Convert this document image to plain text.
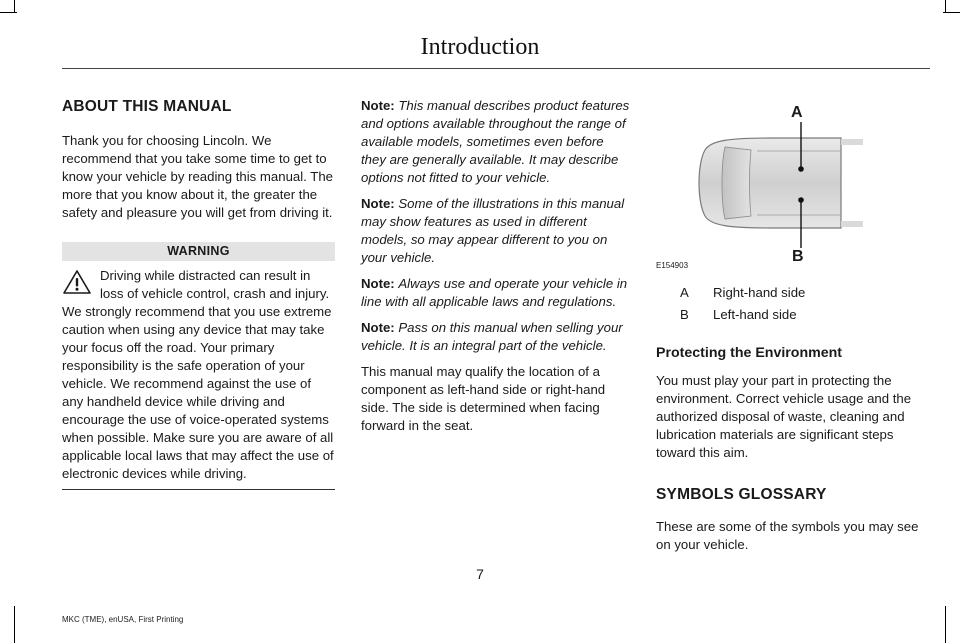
Introduction
ABOUT THIS MANUAL

Thank you for choosing Lincoln. We recommend that you take some time to get to know your vehicle by reading this manual. The more that you know about it, the greater the safety and pleasure you will get from driving it.

WARNING
Driving while distracted can result in loss of vehicle control, crash and injury. We strongly recommend that you use extreme caution when using any device that may take your focus off the road. Your primary responsibility is the safe operation of your vehicle. We recommend against the use of any handheld device while driving and encourage the use of voice-operated systems when possible. Make sure you are aware of all applicable local laws that may affect the use of electronic devices while driving.

Note: This manual describes product features and options available throughout the range of available models, sometimes even before they are generally available. It may describe options not fitted to your vehicle.

Note: Some of the illustrations in this manual may show features as used in different models, so may appear different to you on your vehicle.

Note: Always use and operate your vehicle in line with all applicable laws and regulations.

Note: Pass on this manual when selling your vehicle. It is an integral part of the vehicle.

This manual may qualify the location of a component as left-hand side or right-hand side. The side is determined when facing forward in the seat.

A
B
E154903
A	Right-hand side
B	Left-hand side
Protecting the Environment

You must play your part in protecting the environment. Correct vehicle usage and the authorized disposal of waste, cleaning and lubrication materials are significant steps toward this aim.

SYMBOLS GLOSSARY

These are some of the symbols you may see on your vehicle.

7
MKC (TME), enUSA, First Printing
